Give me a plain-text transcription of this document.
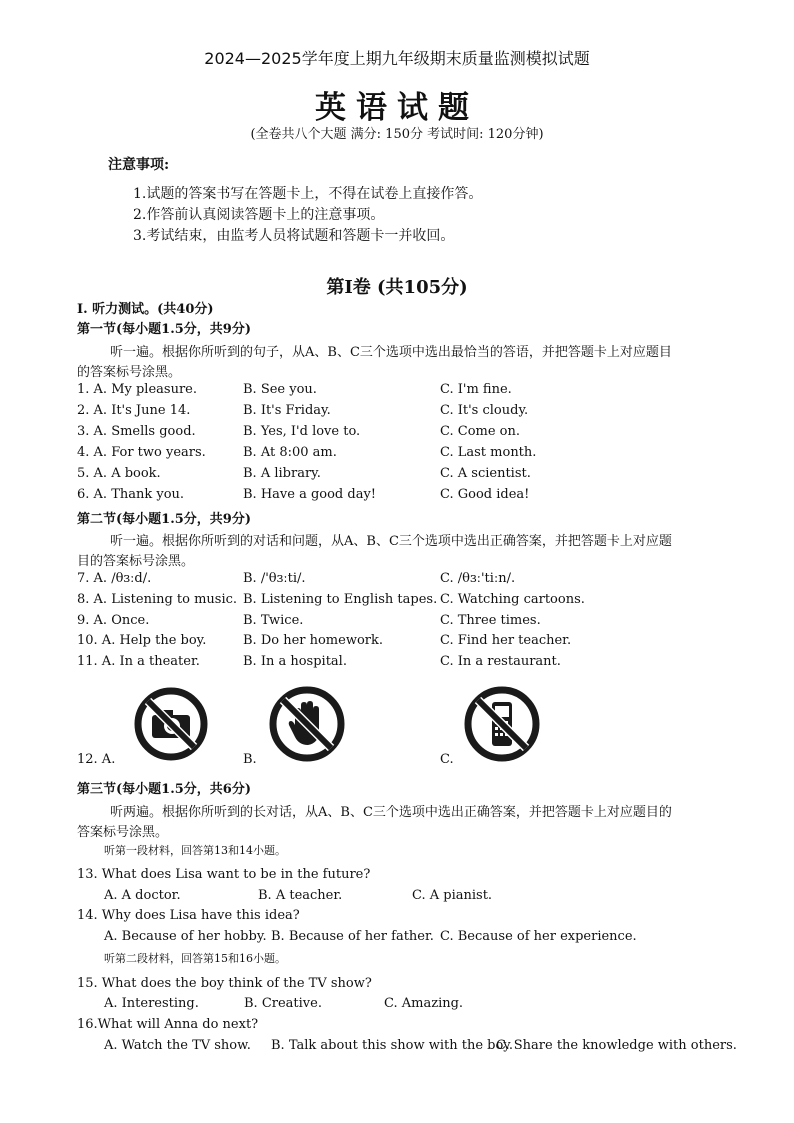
2024—2025学年度上期九年级期末质量监测模拟试题
英语试题
(全卷共八个大题 满分: 150分 考试时间: 120分钟)
注意事项:
1.试题的答案书写在答题卡上，不得在试卷上直接作答。
2.作答前认真阅读答题卡上的注意事项。
3.考试结束，由监考人员将试题和答题卡一并收回。
第Ⅰ卷 (共105分)
I. 听力测试。(共40分)
第一节(每小题1.5分，共9分)
听一遍。根据你所听到的句子，从A、B、C三个选项中选出最恰当的答语，并把答题卡上对应题目
的答案标号涂黑。
1. A. My pleasure.	B. See you.	C. I'm fine.
2. A. It's June 14.	B. It's Friday.	C. It's cloudy.
3. A. Smells good.	B. Yes, I'd love to.	C. Come on.
4. A. For two years.	B. At 8:00 am.	C. Last month.
5. A. A book.	B. A library.	C. A scientist.
6. A. Thank you.	B. Have a good day!	C. Good idea!
第二节(每小题1.5分，共9分)
听一遍。根据你所听到的对话和问题，从A、B、C三个选项中选出正确答案，并把答题卡上对应题
目的答案标号涂黑。
7. A. /θɜːd/.	B. /'θɜːti/.	C. /θɜː'tiːn/.
8. A. Listening to music. B. Listening to English tapes. C. Watching cartoons.
9. A. Once.	B. Twice.	C. Three times.
10. A. Help the boy.	B. Do her homework.	C. Find her teacher.
11. A. In a theater.	B. In a hospital.	C. In a restaurant.
12. A.	B.	C.
第三节(每小题1.5分，共6分)
听两遍。根据你所听到的长对话，从A、B、C三个选项中选出正确答案，并把答题卡上对应题目的
答案标号涂黑。
听第一段材料，回答第13和14小题。
13. What does Lisa want to be in the future?
A. A doctor.	B. A teacher.	C. A pianist.
14. Why does Lisa have this idea?
A. Because of her hobby. B. Because of her father. C. Because of her experience.
听第二段材料，回答第15和16小题。
15. What does the boy think of the TV show?
A. Interesting.	B. Creative.	C. Amazing.
16.What will Anna do next?
A. Watch the TV show. B. Talk about this show with the boy.
C. Share the knowledge with others.
